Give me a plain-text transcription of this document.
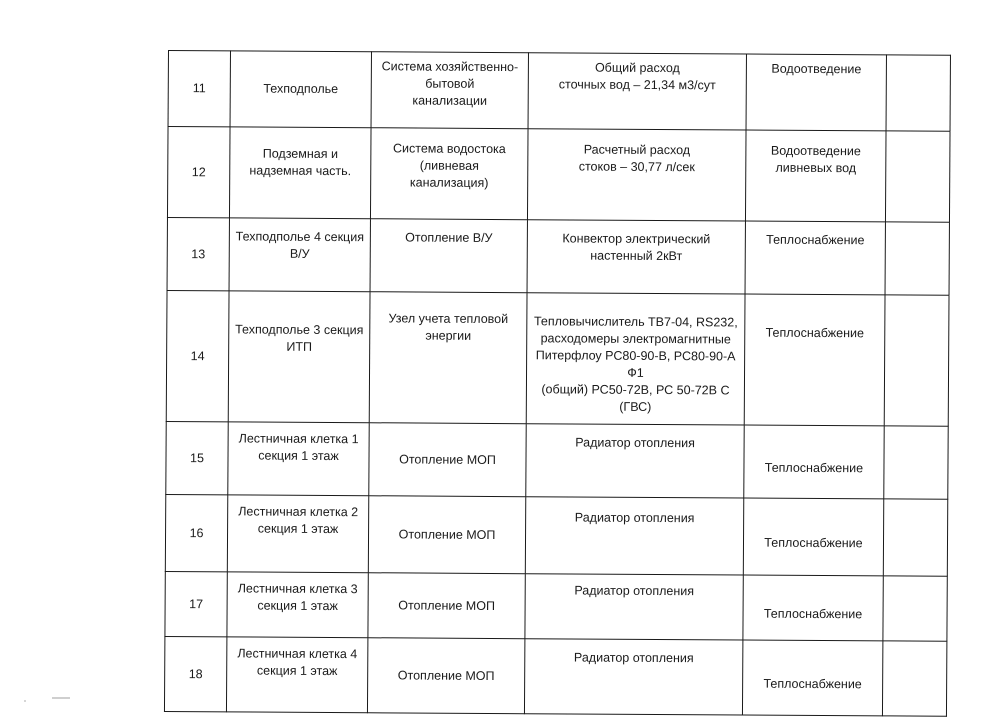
11	Техподполье	Система хозяйственно-
бытовой
канализации	Общий расход
сточных вод – 21,34 м3/сут	Водоотведение	
12	Подземная и
надземная часть.	Система водостока
(ливневая
канализация)	Расчетный расход
стоков – 30,77 л/сек	Водоотведение
ливневых вод	
13	Техподполье 4 секция
В/У	Отопление В/У	Конвектор электрический
настенный 2кВт	Теплоснабжение	
14	Техподполье 3 секция
ИТП	Узел учета тепловой
энергии	Тепловычислитель ТВ7-04, RS232,
расходомеры электромагнитные
Питерфлоу РС80-90-В, РС80-90-А Ф1
(общий) РС50-72В, РС 50-72В С (ГВС)	Теплоснабжение	
15	Лестничная клетка 1
секция 1 этаж	Отопление МОП	Радиатор отопления	Теплоснабжение	
16	Лестничная клетка 2
секция 1 этаж	Отопление МОП	Радиатор отопления	Теплоснабжение	
17	Лестничная клетка 3
секция 1 этаж	Отопление МОП	Радиатор отопления	Теплоснабжение	
18	Лестничная клетка 4
секция 1 этаж	Отопление МОП	Радиатор отопления	Теплоснабжение	
